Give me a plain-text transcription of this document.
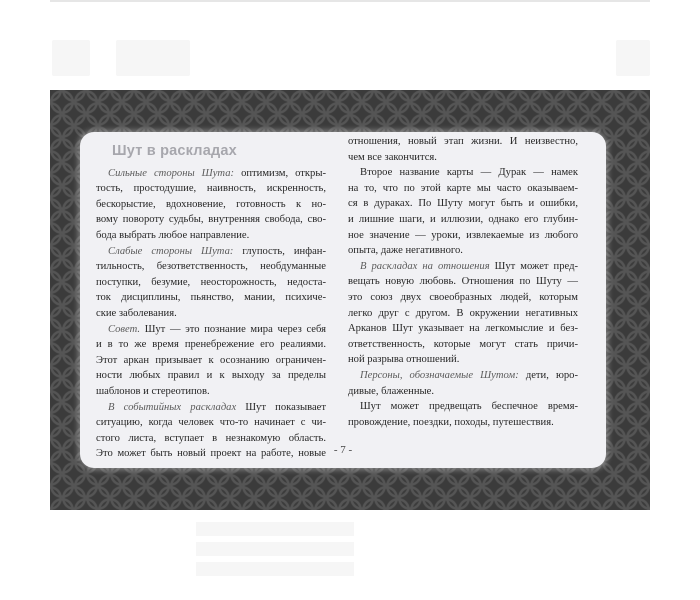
Шут в раскладах
Сильные стороны Шута: оптимизм, откры-
тость, простодушие, наивность, искренность,
бескорыстие, вдохновение, готовность к но-
вому повороту судьбы, внутренняя свобода, сво-
бода выбрать любое направление.
Слабые стороны Шута: глупость, инфан-
тильность, безответственность, необдуманные
поступки, безумие, неосторожность, недоста-
ток дисциплины, пьянство, мании, психиче-
ские заболевания.
Совет. Шут — это познание мира через себя
и в то же время пренебрежение его реалиями.
Этот аркан призывает к осознанию ограничен-
ности любых правил и к выходу за пределы
шаблонов и стереотипов.
В событийных раскладах Шут показывает
ситуацию, когда человек что-то начинает с чи-
стого листа, вступает в незнакомую область.
Это может быть новый проект на работе, новые
отношения, новый этап жизни. И неизвестно,
чем все закончится.
Второе название карты — Дурак — намек
на то, что по этой карте мы часто оказываем-
ся в дураках. По Шуту могут быть и ошибки,
и лишние шаги, и иллюзии, однако его глубин-
ное значение — уроки, извлекаемые из любого
опыта, даже негативного.
В раскладах на отношения Шут может пред-
вещать новую любовь. Отношения по Шуту —
это союз двух своеобразных людей, которым
легко друг с другом. В окружении негативных
Арканов Шут указывает на легкомыслие и без-
ответственность, которые могут стать причи-
ной разрыва отношений.
Персоны, обозначаемые Шутом: дети, юро-
дивые, блаженные.
Шут может предвещать беспечное время-
провождение, поездки, походы, путешествия.
- 7 -
